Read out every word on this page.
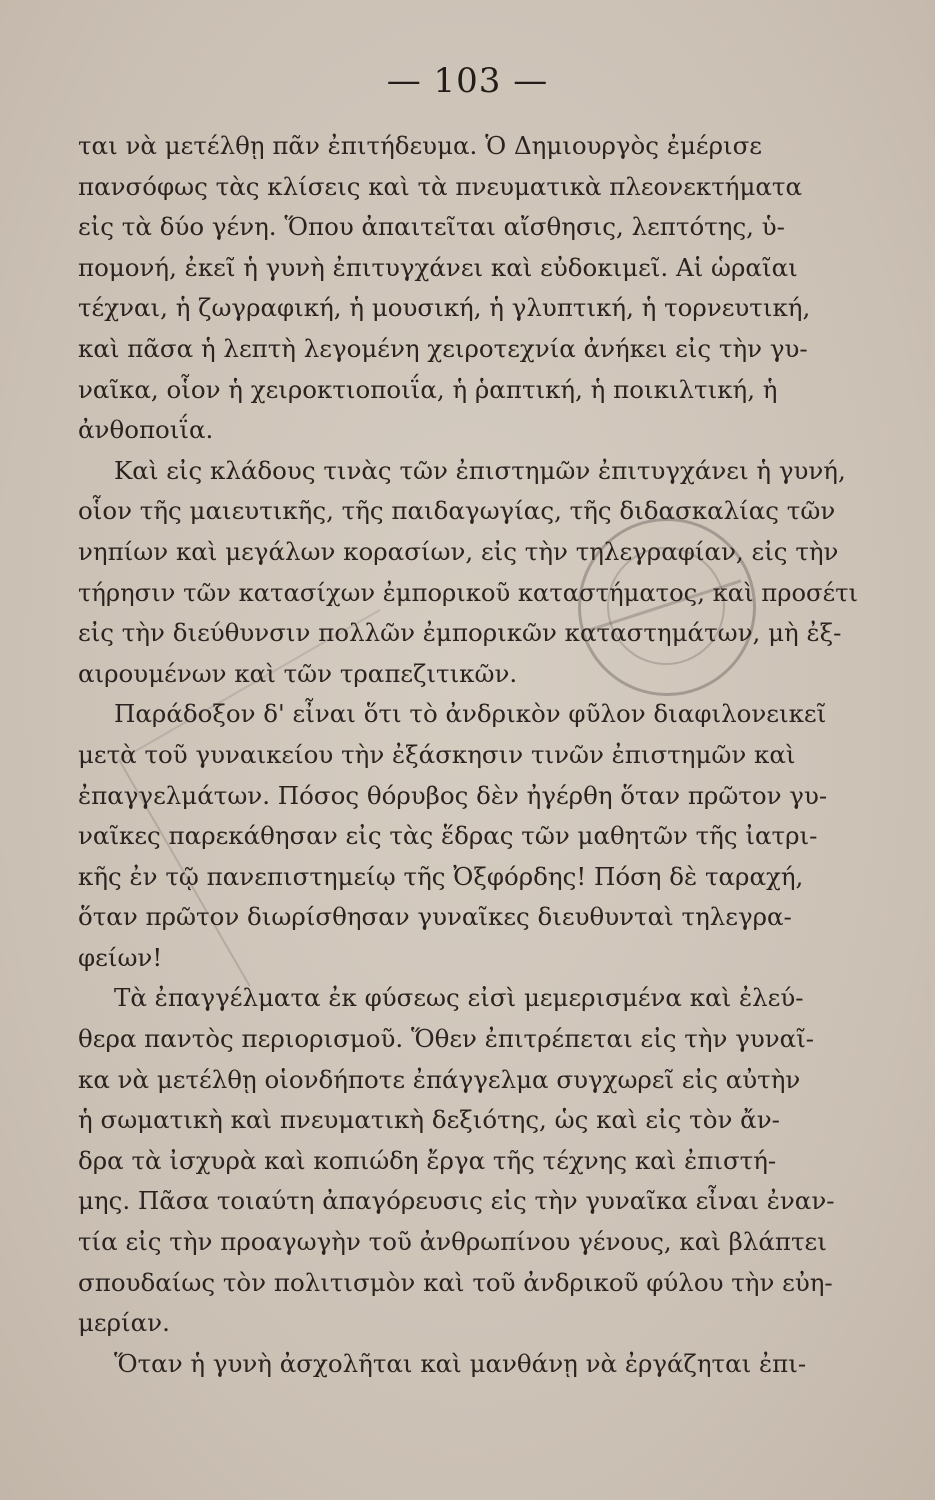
— 103 —
ται νὰ μετέλθῃ πᾶν ἐπιτήδευμα. Ὁ Δημιουργὸς ἐμέρισε
πανσόφως τὰς κλίσεις καὶ τὰ πνευματικὰ πλεονεκτήματα
εἰς τὰ δύο γένη. Ὅπου ἀπαιτεῖται αἴσθησις, λεπτότης, ὑ-
πομονή, ἐκεῖ ἡ γυνὴ ἐπιτυγχάνει καὶ εὐδοκιμεῖ. Αἱ ὡραῖαι
τέχναι, ἡ ζωγραφική, ἡ μουσική, ἡ γλυπτική, ἡ τορνευτική,
καὶ πᾶσα ἡ λεπτὴ λεγομένη χειροτεχνία ἀνήκει εἰς τὴν γυ-
ναῖκα, οἷον ἡ χειροκτιοποιΐα, ἡ ῥαπτική, ἡ ποικιλτική, ἡ
ἀνθοποιΐα.
Καὶ εἰς κλάδους τινὰς τῶν ἐπιστημῶν ἐπιτυγχάνει ἡ γυνή,
οἷον τῆς μαιευτικῆς, τῆς παιδαγωγίας, τῆς διδασκαλίας τῶν
νηπίων καὶ μεγάλων κορασίων, εἰς τὴν τηλεγραφίαν, εἰς τὴν
τήρησιν τῶν κατασίχων ἐμπορικοῦ καταστήματος, καὶ προσέτι
εἰς τὴν διεύθυνσιν πολλῶν ἐμπορικῶν καταστημάτων, μὴ ἐξ-
αιρουμένων καὶ τῶν τραπεζιτικῶν.
Παράδοξον δ' εἶναι ὅτι τὸ ἀνδρικὸν φῦλον διαφιλονεικεῖ
μετὰ τοῦ γυναικείου τὴν ἐξάσκησιν τινῶν ἐπιστημῶν καὶ
ἐπαγγελμάτων. Πόσος θόρυβος δὲν ἠγέρθη ὅταν πρῶτον γυ-
ναῖκες παρεκάθησαν εἰς τὰς ἕδρας τῶν μαθητῶν τῆς ἰατρι-
κῆς ἐν τῷ πανεπιστημείῳ τῆς Ὀξφόρδης! Πόση δὲ ταραχή,
ὅταν πρῶτον διωρίσθησαν γυναῖκες διευθυνταὶ τηλεγρα-
φείων!
Τὰ ἐπαγγέλματα ἐκ φύσεως εἰσὶ μεμερισμένα καὶ ἐλεύ-
θερα παντὸς περιορισμοῦ. Ὅθεν ἐπιτρέπεται εἰς τὴν γυναῖ-
κα νὰ μετέλθῃ οἱονδήποτε ἐπάγγελμα συγχωρεῖ εἰς αὐτὴν
ἡ σωματικὴ καὶ πνευματικὴ δεξιότης, ὡς καὶ εἰς τὸν ἄν-
δρα τὰ ἰσχυρὰ καὶ κοπιώδη ἔργα τῆς τέχνης καὶ ἐπιστή-
μης. Πᾶσα τοιαύτη ἀπαγόρευσις εἰς τὴν γυναῖκα εἶναι ἐναν-
τία εἰς τὴν προαγωγὴν τοῦ ἀνθρωπίνου γένους, καὶ βλάπτει
σπουδαίως τὸν πολιτισμὸν καὶ τοῦ ἀνδρικοῦ φύλου τὴν εὐη-
μερίαν.
Ὅταν ἡ γυνὴ ἀσχολῆται καὶ μανθάνῃ νὰ ἐργάζηται ἐπι-
